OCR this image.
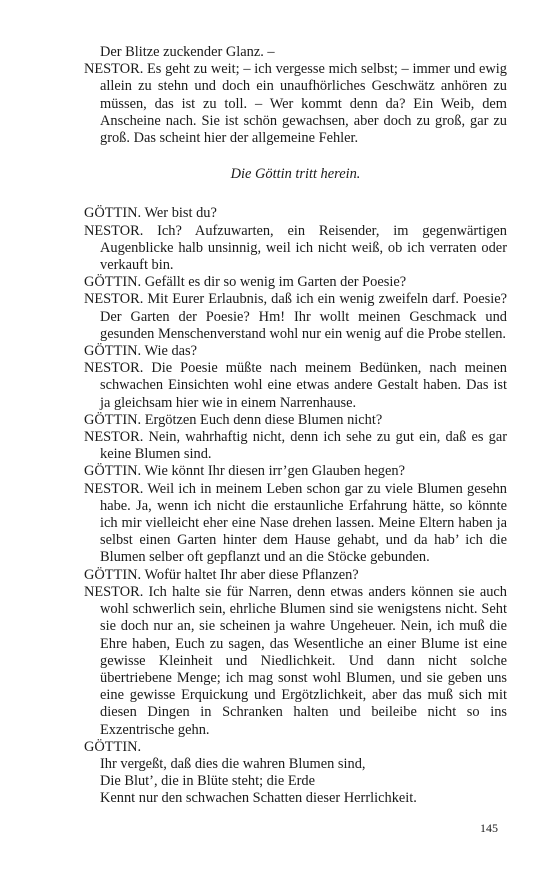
Der Blitze zuckender Glanz. –

NESTOR. Es geht zu weit; – ich vergesse mich selbst; – immer und ewig allein zu stehn und doch ein unaufhörliches Geschwätz anhören zu müssen, das ist zu toll. – Wer kommt denn da? Ein Weib, dem Anscheine nach. Sie ist schön gewachsen, aber doch zu groß, gar zu groß. Das scheint hier der allgemeine Fehler.

Die Göttin tritt herein.

GÖTTIN. Wer bist du?

NESTOR. Ich? Aufzuwarten, ein Reisender, im gegenwärtigen Augenblicke halb unsinnig, weil ich nicht weiß, ob ich verraten oder verkauft bin.

GÖTTIN. Gefällt es dir so wenig im Garten der Poesie?

NESTOR. Mit Eurer Erlaubnis, daß ich ein wenig zweifeln darf. Poesie? Der Garten der Poesie? Hm! Ihr wollt meinen Geschmack und gesunden Menschenverstand wohl nur ein wenig auf die Probe stellen.

GÖTTIN. Wie das?

NESTOR. Die Poesie müßte nach meinem Bedünken, nach meinen schwachen Einsichten wohl eine etwas andere Gestalt haben. Das ist ja gleichsam hier wie in einem Narrenhause.

GÖTTIN. Ergötzen Euch denn diese Blumen nicht?

NESTOR. Nein, wahrhaftig nicht, denn ich sehe zu gut ein, daß es gar keine Blumen sind.

GÖTTIN. Wie könnt Ihr diesen irr’gen Glauben hegen?

NESTOR. Weil ich in meinem Leben schon gar zu viele Blumen gesehn habe. Ja, wenn ich nicht die erstaunliche Erfahrung hätte, so könnte ich mir vielleicht eher eine Nase drehen lassen. Meine Eltern haben ja selbst einen Garten hinter dem Hause gehabt, und da hab’ ich die Blumen selber oft gepflanzt und an die Stöcke gebunden.

GÖTTIN. Wofür haltet Ihr aber diese Pflanzen?

NESTOR. Ich halte sie für Narren, denn etwas anders können sie auch wohl schwerlich sein, ehrliche Blumen sind sie wenigstens nicht. Seht sie doch nur an, sie scheinen ja wahre Ungeheuer. Nein, ich muß die Ehre haben, Euch zu sagen, das Wesentliche an einer Blume ist eine gewisse Kleinheit und Niedlichkeit. Und dann nicht solche übertriebene Menge; ich mag sonst wohl Blumen, und sie geben uns eine gewisse Erquickung und Ergötzlichkeit, aber das muß sich mit diesen Dingen in Schranken halten und beileibe nicht so ins Exzentrische gehn.

GÖTTIN.

Ihr vergeßt, daß dies die wahren Blumen sind,
Die Blut’, die in Blüte steht; die Erde
Kennt nur den schwachen Schatten dieser Herrlichkeit.
145
